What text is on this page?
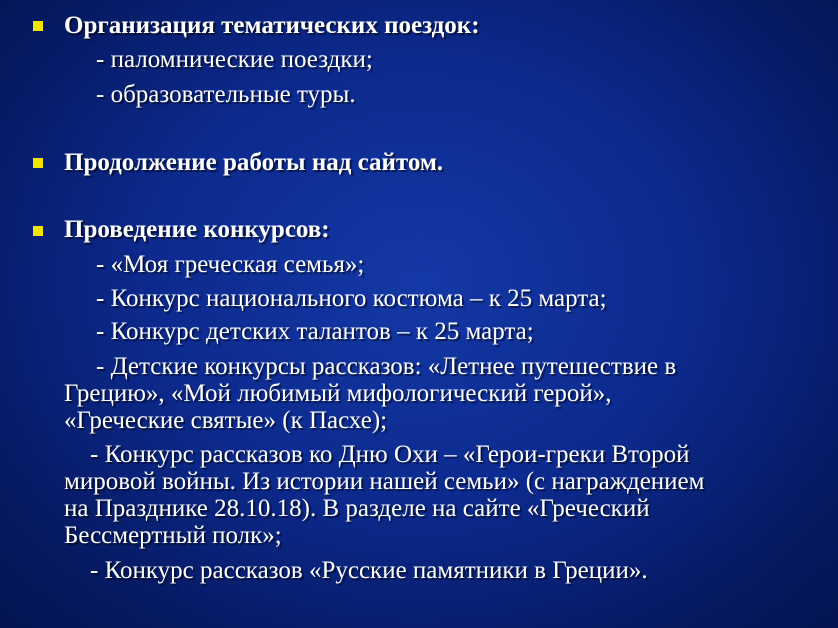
Организация тематических поездок:
- паломнические поездки;
- образовательные туры.
Продолжение работы над сайтом.
Проведение конкурсов:
- «Моя греческая семья»;
- Конкурс национального костюма – к 25 марта;
- Конкурс детских талантов – к 25 марта;
- Детские конкурсы рассказов: «Летнее путешествие в
Грецию», «Мой любимый мифологический герой»,
«Греческие святые» (к Пасхе);
- Конкурс рассказов ко Дню Охи – «Герои-греки Второй
мировой войны. Из истории нашей семьи» (с награждением
на Празднике 28.10.18). В разделе на сайте «Греческий
Бессмертный полк»;
- Конкурс рассказов «Русские памятники в Греции».
